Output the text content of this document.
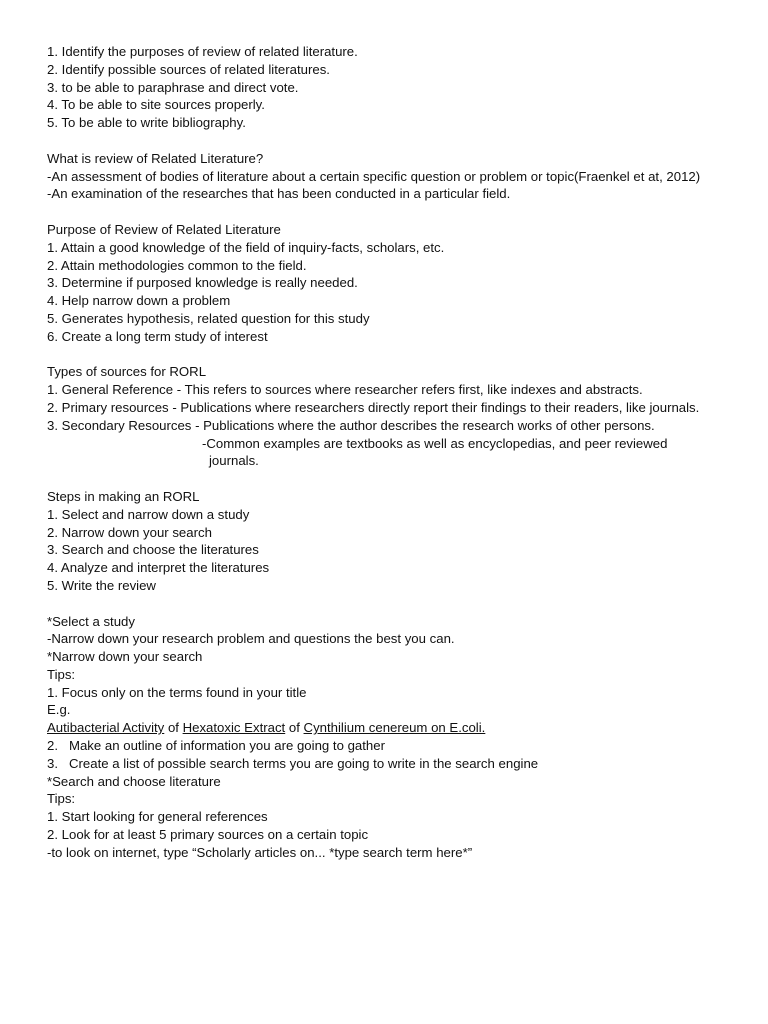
1. Identify the purposes of review of related literature.
2. Identify possible sources of related literatures.
3. to be able to paraphrase and direct vote.
4. To be able to site sources properly.
5. To be able to write bibliography.
What is review of Related Literature?
-An assessment of bodies of literature about a certain specific question or problem or topic(Fraenkel et at, 2012)
-An examination of the researches that has been conducted in a particular field.
Purpose of Review of Related Literature
1. Attain a good knowledge of the field of inquiry-facts, scholars, etc.
2. Attain methodologies common to the field.
3. Determine if purposed knowledge is really needed.
4. Help narrow down a problem
5. Generates hypothesis, related question for this study
6. Create a long term study of interest
Types of sources for RORL
1. General Reference - This refers to sources where researcher refers first, like indexes and abstracts.
2. Primary resources - Publications where researchers directly report their findings to their readers, like journals.
3. Secondary Resources - Publications where the author describes the research works of other persons.
-Common examples are textbooks as well as encyclopedias, and peer reviewed
journals.
Steps in making an RORL
1. Select and narrow down a study
2. Narrow down your search
3. Search and choose the literatures
4. Analyze and interpret the literatures
5. Write the review
*Select a study
-Narrow down your research problem and questions the best you can.
*Narrow down your search
Tips:
1. Focus only on the terms found in your title
E.g.
Autibacterial Activity of Hexatoxic Extract of Cynthilium cenereum on E.coli.
2.   Make an outline of information you are going to gather
3.   Create a list of possible search terms you are going to write in the search engine
*Search and choose literature
Tips:
1. Start looking for general references
2. Look for at least 5 primary sources on a certain topic
-to look on internet, type “Scholarly articles on... *type search term here*”
